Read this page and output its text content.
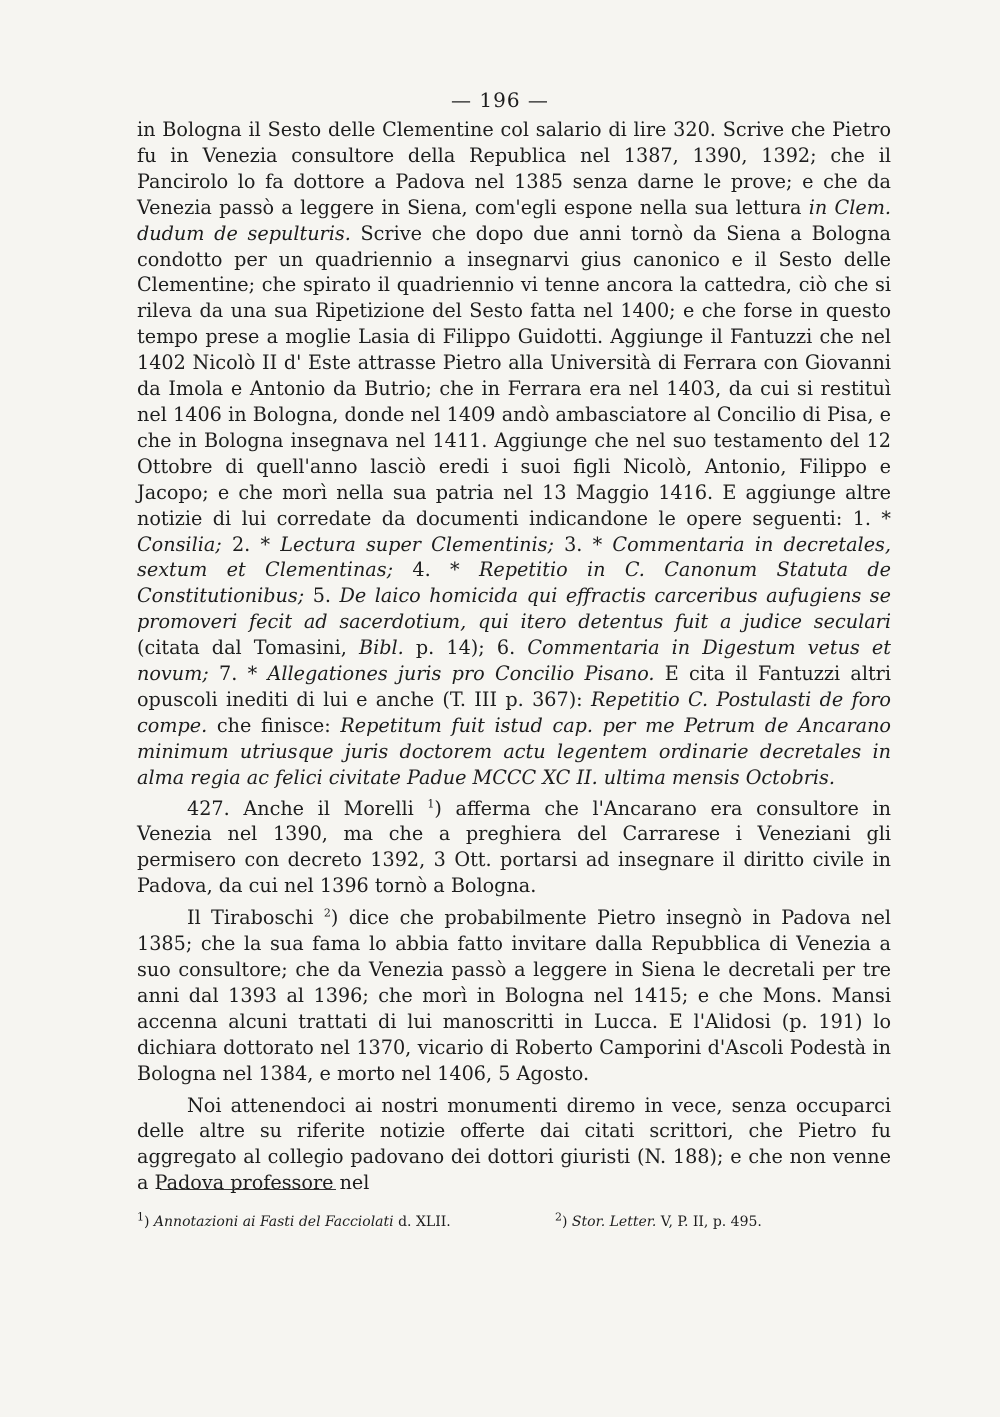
— 196 —

in Bologna il Sesto delle Clementine col salario di lire 320. Scrive che Pietro fu in Venezia consultore della Republica nel 1387, 1390, 1392; che il Pancirolo lo fa dottore a Padova nel 1385 senza darne le prove; e che da Venezia passò a leggere in Siena, com'egli espone nella sua lettura in Clem. dudum de sepulturis. Scrive che dopo due anni tornò da Siena a Bologna condotto per un quadriennio a insegnarvi gius canonico e il Sesto delle Clementine; che spirato il quadriennio vi tenne ancora la cattedra, ciò che si rileva da una sua Ripetizione del Sesto fatta nel 1400; e che forse in questo tempo prese a moglie Lasia di Filippo Guidotti. Aggiunge il Fantuzzi che nel 1402 Nicolò II d' Este attrasse Pietro alla Università di Ferrara con Giovanni da Imola e Antonio da Butrio; che in Ferrara era nel 1403, da cui si restituì nel 1406 in Bologna, donde nel 1409 andò ambasciatore al Concilio di Pisa, e che in Bologna insegnava nel 1411. Aggiunge che nel suo testamento del 12 Ottobre di quell'anno lasciò eredi i suoi figli Nicolò, Antonio, Filippo e Jacopo; e che morì nella sua patria nel 13 Maggio 1416. E aggiunge altre notizie di lui corredate da documenti indicandone le opere seguenti: 1. * Consilia; 2. * Lectura super Clementinis; 3. * Commentaria in decretales, sextum et Clementinas; 4. * Repetitio in C. Canonum Statuta de Constitutionibus; 5. De laico homicida qui effractis carceribus aufugiens se promoveri fecit ad sacerdotium, qui itero detentus fuit a judice seculari (citata dal Tomasini, Bibl. p. 14); 6. Commentaria in Digestum vetus et novum; 7. * Allegationes juris pro Concilio Pisano. E cita il Fantuzzi altri opuscoli inediti di lui e anche (T. III p. 367): Repetitio C. Postulasti de foro compe. che finisce: Repetitum fuit istud cap. per me Petrum de Ancarano minimum utriusque juris doctorem actu legentem ordinarie decretales in alma regia ac felici civitate Padue MCCC XC II. ultima mensis Octobris.

427. Anche il Morelli $^1$) afferma che l'Ancarano era consultore in Venezia nel 1390, ma che a preghiera del Carrarese i Veneziani gli permisero con decreto 1392, 3 Ott. portarsi ad insegnare il diritto civile in Padova, da cui nel 1396 tornò a Bologna.

Il Tiraboschi $^2$) dice che probabilmente Pietro insegnò in Padova nel 1385; che la sua fama lo abbia fatto invitare dalla Repubblica di Venezia a suo consultore; che da Venezia passò a leggere in Siena le decretali per tre anni dal 1393 al 1396; che morì in Bologna nel 1415; e che Mons. Mansi accenna alcuni trattati di lui manoscritti in Lucca. E l'Alidosi (p. 191) lo dichiara dottorato nel 1370, vicario di Roberto Camporini d'Ascoli Podestà in Bologna nel 1384, e morto nel 1406, 5 Agosto.

Noi attenendoci ai nostri monumenti diremo in vece, senza occuparci delle altre su riferite notizie offerte dai citati scrittori, che Pietro fu aggregato al collegio padovano dei dottori giuristi (N. 188); e che non venne a Padova professore nel

$^1$) Annotazioni ai Fasti del Facciolati d. XLII.	$^2$) Stor. Letter. V, P. II, p. 495.
